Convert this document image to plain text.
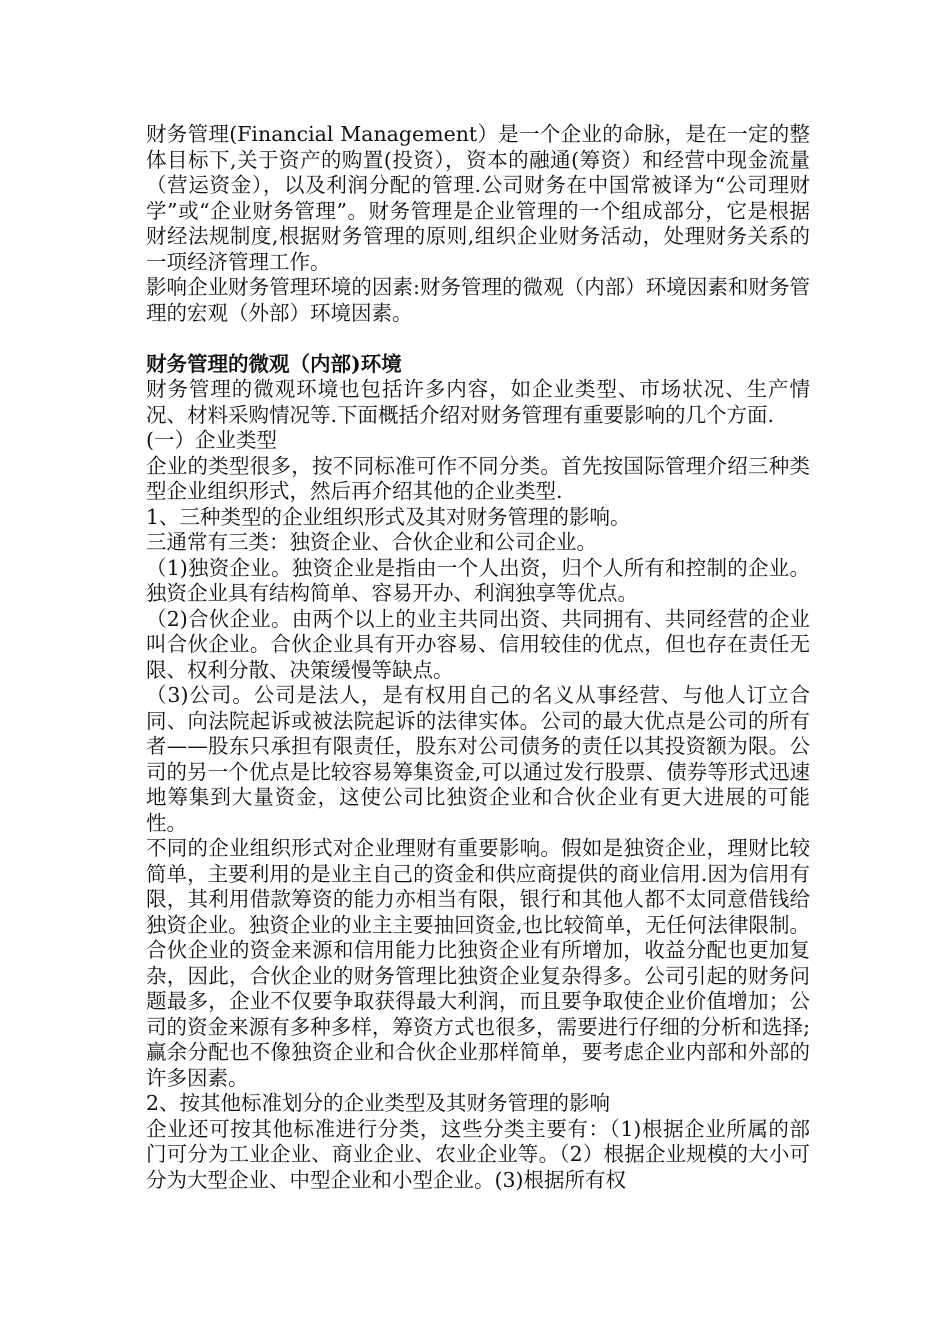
财务管理(Financial Management）是一个企业的命脉，是在一定的整体目标下,关于资产的购置(投资），资本的融通(筹资）和经营中现金流量（营运资金），以及利润分配的管理.公司财务在中国常被译为“公司理财学”或“企业财务管理”。财务管理是企业管理的一个组成部分，它是根据财经法规制度,根据财务管理的原则,组织企业财务活动，处理财务关系的一项经济管理工作。

影响企业财务管理环境的因素:财务管理的微观（内部）环境因素和财务管理的宏观（外部）环境因素。

财务管理的微观（内部)环境

财务管理的微观环境也包括许多内容，如企业类型、市场状况、生产情况、材料采购情况等.下面概括介绍对财务管理有重要影响的几个方面.

(一）企业类型

企业的类型很多，按不同标准可作不同分类。首先按国际管理介绍三种类型企业组织形式，然后再介绍其他的企业类型.

1、三种类型的企业组织形式及其对财务管理的影响。

三通常有三类：独资企业、合伙企业和公司企业。

（1)独资企业。独资企业是指由一个人出资，归个人所有和控制的企业。独资企业具有结构简单、容易开办、利润独享等优点。

（2)合伙企业。由两个以上的业主共同出资、共同拥有、共同经营的企业叫合伙企业。合伙企业具有开办容易、信用较佳的优点，但也存在责任无限、权利分散、决策缓慢等缺点。

（3)公司。公司是法人，是有权用自己的名义从事经营、与他人订立合同、向法院起诉或被法院起诉的法律实体。公司的最大优点是公司的所有者——股东只承担有限责任，股东对公司债务的责任以其投资额为限。公司的另一个优点是比较容易筹集资金,可以通过发行股票、债券等形式迅速地筹集到大量资金，这使公司比独资企业和合伙企业有更大进展的可能性。

不同的企业组织形式对企业理财有重要影响。假如是独资企业，理财比较简单，主要利用的是业主自己的资金和供应商提供的商业信用.因为信用有限，其利用借款筹资的能力亦相当有限，银行和其他人都不太同意借钱给独资企业。独资企业的业主主要抽回资金,也比较简单，无任何法律限制。合伙企业的资金来源和信用能力比独资企业有所增加，收益分配也更加复杂，因此，合伙企业的财务管理比独资企业复杂得多。公司引起的财务问题最多，企业不仅要争取获得最大利润，而且要争取使企业价值增加；公司的资金来源有多种多样，筹资方式也很多，需要进行仔细的分析和选择;赢余分配也不像独资企业和合伙企业那样简单，要考虑企业内部和外部的许多因素。

2、按其他标准划分的企业类型及其财务管理的影响

企业还可按其他标准进行分类，这些分类主要有：（1)根据企业所属的部门可分为工业企业、商业企业、农业企业等。（2）根据企业规模的大小可分为大型企业、中型企业和小型企业。(3)根据所有权
